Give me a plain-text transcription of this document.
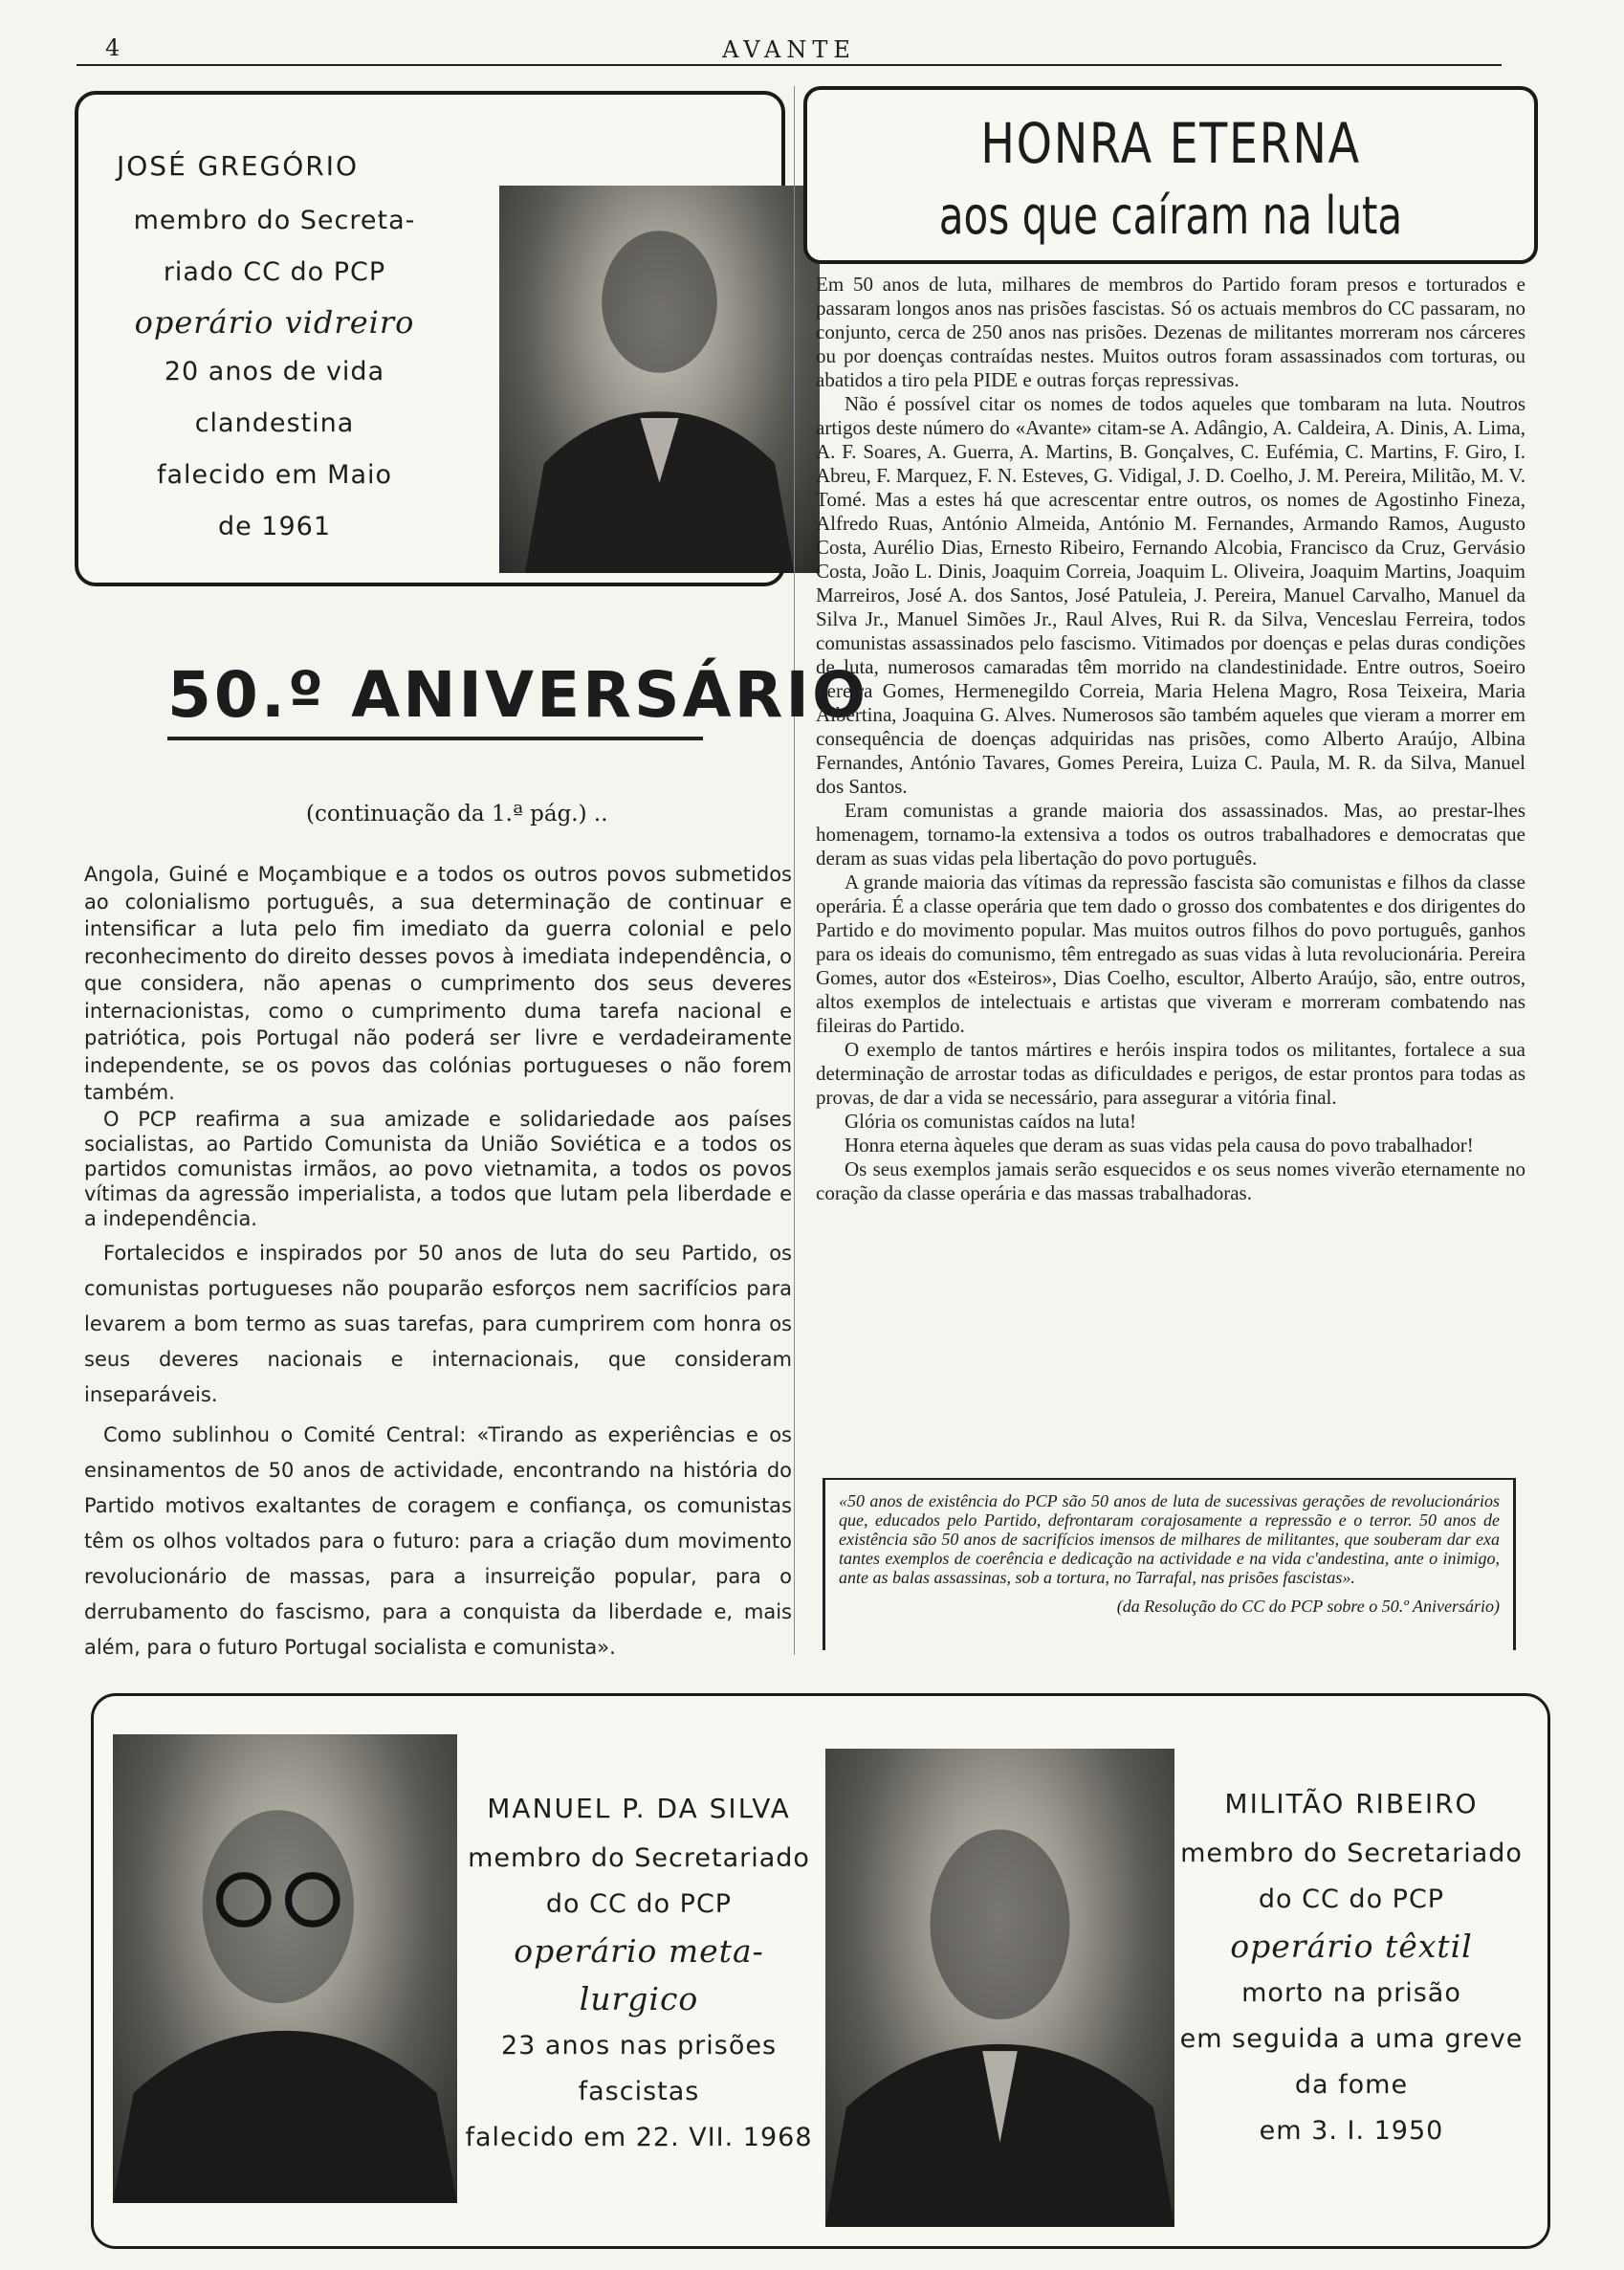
4	AVANTE
JOSÉ GREGÓRIO
membro do Secreta-
riado CC do PCP
operário vidreiro
20 anos de vida
clandestina
falecido em Maio
de 1961
HONRA ETERNA
aos que caíram na luta
50.º ANIVERSÁRIO
(continuação da 1.ª pág.) ..

Angola, Guiné e Moçambique e a todos os outros povos submetidos ao colonialismo português, a sua determinação de continuar e intensificar a luta pelo fim imediato da guerra colonial e pelo reconhecimento do direito desses povos à imediata independência, o que considera, não apenas o cumprimento dos seus deveres internacionistas, como o cumprimento duma tarefa nacional e patriótica, pois Portugal não poderá ser livre e verdadeiramente independente, se os povos das colónias portugueses o não forem também.

O PCP reafirma a sua amizade e solidariedade aos países socialistas, ao Partido Comunista da União Soviética e a todos os partidos comunistas irmãos, ao povo vietnamita, a todos os povos vítimas da agressão imperialista, a todos que lutam pela liberdade e a independência.

Fortalecidos e inspirados por 50 anos de luta do seu Partido, os comunistas portugueses não pouparão esforços nem sacrifícios para levarem a bom termo as suas tarefas, para cumprirem com honra os seus deveres nacionais e internacionais, que consideram inseparáveis.

Como sublinhou o Comité Central: «Tirando as experiências e os ensinamentos de 50 anos de actividade, encontrando na história do Partido motivos exaltantes de coragem e confiança, os comunistas têm os olhos voltados para o futuro: para a criação dum movimento revolucionário de massas, para a insurreição popular, para o derrubamento do fascismo, para a conquista da liberdade e, mais além, para o futuro Portugal socialista e comunista».

Em 50 anos de luta, milhares de membros do Partido foram presos e torturados e passaram longos anos nas prisões fascistas. Só os actuais membros do CC passaram, no conjunto, cerca de 250 anos nas prisões. Dezenas de militantes morreram nos cárceres ou por doenças contraídas nestes. Muitos outros foram assassinados com torturas, ou abatidos a tiro pela PIDE e outras forças repressivas.

Não é possível citar os nomes de todos aqueles que tombaram na luta. Noutros artigos deste número do «Avante» citam-se A. Adângio, A. Caldeira, A. Dinis, A. Lima, A. F. Soares, A. Guerra, A. Martins, B. Gonçalves, C. Eufémia, C. Martins, F. Giro, I. Abreu, F. Marquez, F. N. Esteves, G. Vidigal, J. D. Coelho, J. M. Pereira, Militão, M. V. Tomé. Mas a estes há que acrescentar entre outros, os nomes de Agostinho Fineza, Alfredo Ruas, António Almeida, António M. Fernandes, Armando Ramos, Augusto Costa, Aurélio Dias, Ernesto Ribeiro, Fernando Alcobia, Francisco da Cruz, Gervásio Costa, João L. Dinis, Joaquim Correia, Joaquim L. Oliveira, Joaquim Martins, Joaquim Marreiros, José A. dos Santos, José Patuleia, J. Pereira, Manuel Carvalho, Manuel da Silva Jr., Manuel Simões Jr., Raul Alves, Rui R. da Silva, Venceslau Ferreira, todos comunistas assassinados pelo fascismo. Vitimados por doenças e pelas duras condições de luta, numerosos camaradas têm morrido na clandestinidade. Entre outros, Soeiro Pereira Gomes, Hermenegildo Correia, Maria Helena Magro, Rosa Teixeira, Maria Albertina, Joaquina G. Alves. Numerosos são também aqueles que vieram a morrer em consequência de doenças adquiridas nas prisões, como Alberto Araújo, Albina Fernandes, António Tavares, Gomes Pereira, Luiza C. Paula, M. R. da Silva, Manuel dos Santos.

Eram comunistas a grande maioria dos assassinados. Mas, ao prestar-lhes homenagem, tornamo-la extensiva a todos os outros trabalhadores e democratas que deram as suas vidas pela libertação do povo português.

A grande maioria das vítimas da repressão fascista são comunistas e filhos da classe operária. É a classe operária que tem dado o grosso dos combatentes e dos dirigentes do Partido e do movimento popular. Mas muitos outros filhos do povo português, ganhos para os ideais do comunismo, têm entregado as suas vidas à luta revolucionária. Pereira Gomes, autor dos «Esteiros», Dias Coelho, escultor, Alberto Araújo, são, entre outros, altos exemplos de intelectuais e artistas que viveram e morreram combatendo nas fileiras do Partido.

O exemplo de tantos mártires e heróis inspira todos os militantes, fortalece a sua determinação de arrostar todas as dificuldades e perigos, de estar prontos para todas as provas, de dar a vida se necessário, para assegurar a vitória final.

Glória os comunistas caídos na luta!

Honra eterna àqueles que deram as suas vidas pela causa do povo trabalhador!

Os seus exemplos jamais serão esquecidos e os seus nomes viverão eternamente no coração da classe operária e das massas trabalhadoras.

«50 anos de existência do PCP são 50 anos de luta de sucessivas gerações de revolucionários que, educados pelo Partido, defrontaram corajosamente a repressão e o terror. 50 anos de existência são 50 anos de sacrifícios imensos de milhares de militantes, que souberam dar exa tantes exemplos de coerência e dedicação na actividade e na vida c'andestina, ante o inimigo, ante as balas assassinas, sob a tortura, no Tarrafal, nas prisões fascistas».
(da Resolução do CC do PCP sobre o 50.º Aniversário)
MANUEL P. DA SILVA
membro do Secretariado
do CC do PCP
operário meta-
lurgico
23 anos nas prisões
fascistas
falecido em 22. VII. 1968
MILITÃO RIBEIRO
membro do Secretariado
do CC do PCP
operário têxtil
morto na prisão
em seguida a uma greve
da fome
em 3. I. 1950
